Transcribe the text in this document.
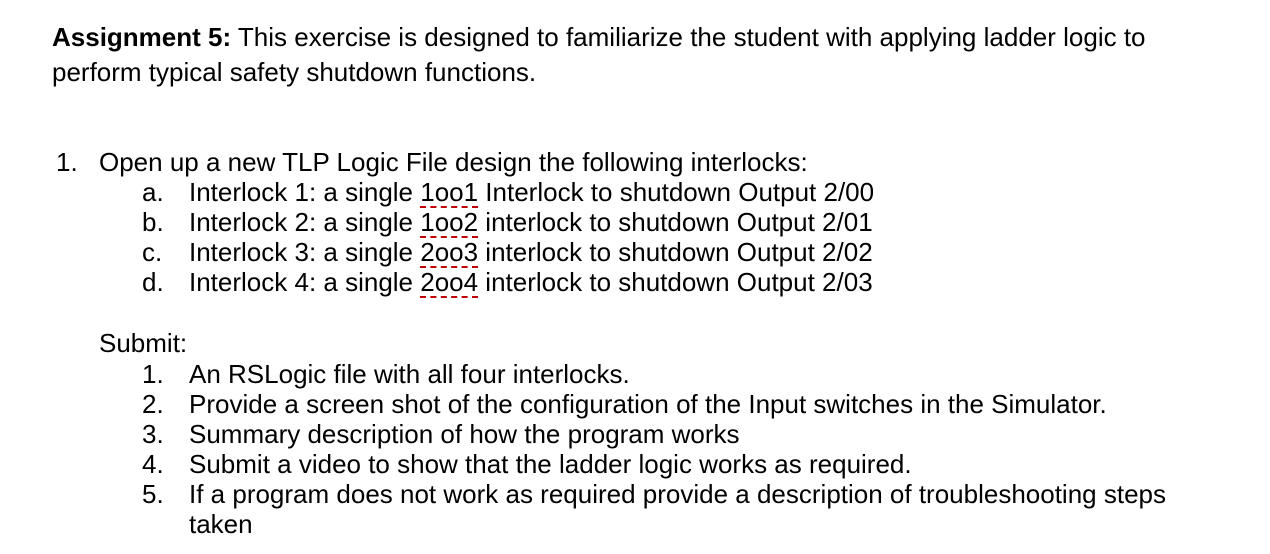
Assignment 5: This exercise is designed to familiarize the student with applying ladder logic to perform typical safety shutdown functions.
1. Open up a new TLP Logic File design the following interlocks:
a. Interlock 1: a single 1oo1 Interlock to shutdown Output 2/00
b. Interlock 2: a single 1oo2 interlock to shutdown Output 2/01
c. Interlock 3: a single 2oo3 interlock to shutdown Output 2/02
d. Interlock 4: a single 2oo4 interlock to shutdown Output 2/03
Submit:
1. An RSLogic file with all four interlocks.
2. Provide a screen shot of the configuration of the Input switches in the Simulator.
3. Summary description of how the program works
4. Submit a video to show that the ladder logic works as required.
5. If a program does not work as required provide a description of troubleshooting steps taken
